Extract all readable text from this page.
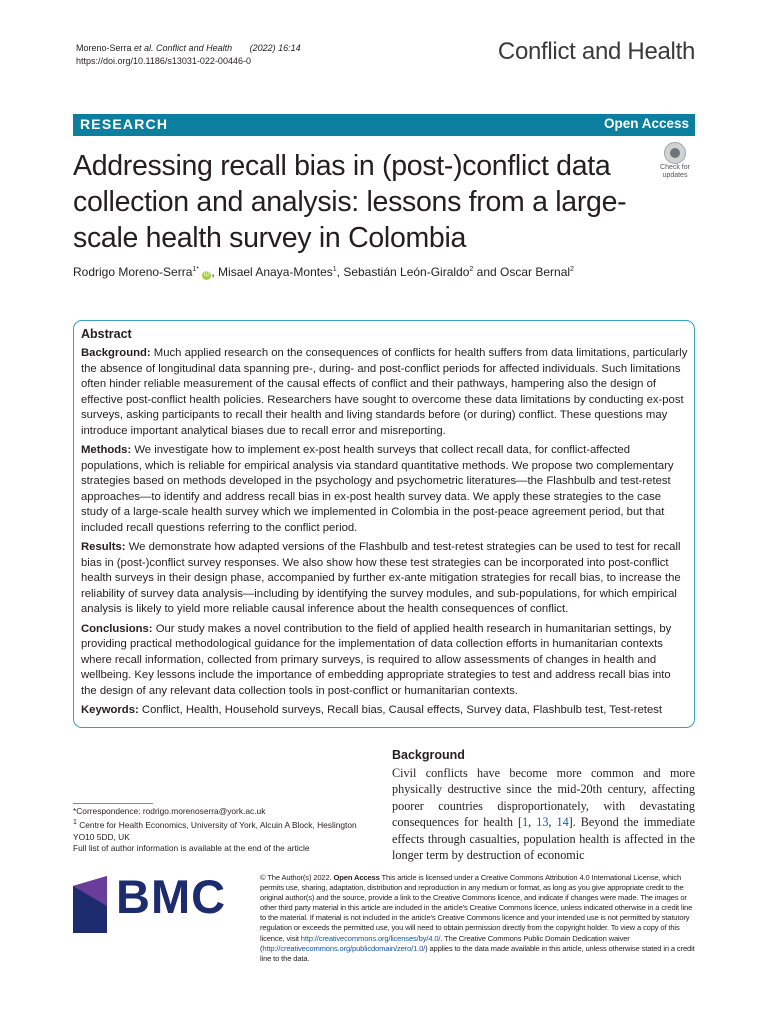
Moreno-Serra et al. Conflict and Health (2022) 16:14
https://doi.org/10.1186/s13031-022-00446-0	Conflict and Health
RESEARCH	Open Access
Addressing recall bias in (post-)conflict data collection and analysis: lessons from a large-scale health survey in Colombia
Check for
updates
Rodrigo Moreno-Serra$^{1*}$ iD , Misael Anaya-Montes$^1$, Sebastián León-Giraldo$^2$ and Oscar Bernal$^2$
Abstract

Background: Much applied research on the consequences of conflicts for health suffers from data limitations, particularly the absence of longitudinal data spanning pre-, during- and post-conflict periods for affected individuals. Such limitations often hinder reliable measurement of the causal effects of conflict and their pathways, hampering also the design of effective post-conflict health policies. Researchers have sought to overcome these data limitations by conducting ex-post surveys, asking participants to recall their health and living standards before (or during) conflict. These questions may introduce important analytical biases due to recall error and misreporting.

Methods: We investigate how to implement ex-post health surveys that collect recall data, for conflict-affected populations, which is reliable for empirical analysis via standard quantitative methods. We propose two complementary strategies based on methods developed in the psychology and psychometric literatures—the Flashbulb and test-retest approaches—to identify and address recall bias in ex-post health survey data. We apply these strategies to the case study of a large-scale health survey which we implemented in Colombia in the post-peace agreement period, but that included recall questions referring to the conflict period.

Results: We demonstrate how adapted versions of the Flashbulb and test-retest strategies can be used to test for recall bias in (post-)conflict survey responses. We also show how these test strategies can be incorporated into post-conflict health surveys in their design phase, accompanied by further ex-ante mitigation strategies for recall bias, to increase the reliability of survey data analysis—including by identifying the survey modules, and sub-populations, for which empirical analysis is likely to yield more reliable causal inference about the health consequences of conflict.

Conclusions: Our study makes a novel contribution to the field of applied health research in humanitarian settings, by providing practical methodological guidance for the implementation of data collection efforts in humanitarian contexts where recall information, collected from primary surveys, is required to allow assessments of changes in health and wellbeing. Key lessons include the importance of embedding appropriate strategies to test and address recall bias into the design of any relevant data collection tools in post-conflict or humanitarian contexts.

Keywords: Conflict, Health, Household surveys, Recall bias, Causal effects, Survey data, Flashbulb test, Test-retest

*Correspondence: rodrigo.morenoserra@york.ac.uk
$^1$ Centre for Health Economics, University of York, Alcuin A Block, Heslington YO10 5DD, UK
Full list of author information is available at the end of the article
Background
Civil conflicts have become more common and more physically destructive since the mid-20th century, affecting poorer countries disproportionately, with devastating consequences for health [1, 13, 14]. Beyond the immediate effects through casualties, population health is affected in the longer term by destruction of economic
BMC	© The Author(s) 2022. Open Access This article is licensed under a Creative Commons Attribution 4.0 International License, which permits use, sharing, adaptation, distribution and reproduction in any medium or format, as long as you give appropriate credit to the original author(s) and the source, provide a link to the Creative Commons licence, and indicate if changes were made. The images or other third party material in this article are included in the article's Creative Commons licence, unless indicated otherwise in a credit line to the material. If material is not included in the article's Creative Commons licence and your intended use is not permitted by statutory regulation or exceeds the permitted use, you will need to obtain permission directly from the copyright holder. To view a copy of this licence, visit http://creativecommons.org/licenses/by/4.0/. The Creative Commons Public Domain Dedication waiver (http://creativecommons.org/publicdomain/zero/1.0/) applies to the data made available in this article, unless otherwise stated in a credit line to the data.
